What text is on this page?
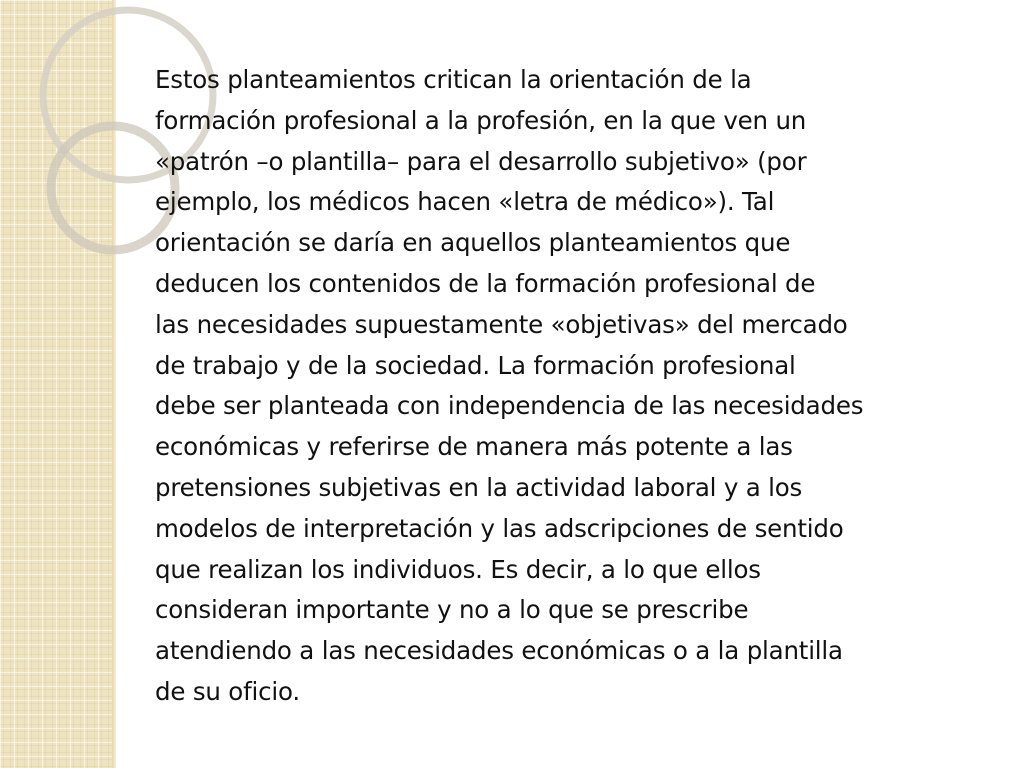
Estos planteamientos critican la orientación de la
formación profesional a la profesión, en la que ven un
«patrón –o plantilla– para el desarrollo subjetivo» (por
ejemplo, los médicos hacen «letra de médico»). Tal
orientación se daría en aquellos planteamientos que
deducen los contenidos de la formación profesional de
las necesidades supuestamente «objetivas» del mercado
de trabajo y de la sociedad. La formación profesional
debe ser planteada con independencia de las necesidades
económicas y referirse de manera más potente a las
pretensiones subjetivas en la actividad laboral y a los
modelos de interpretación y las adscripciones de sentido
que realizan los individuos. Es decir, a lo que ellos
consideran importante y no a lo que se prescribe
atendiendo a las necesidades económicas o a la plantilla
de su oficio.
